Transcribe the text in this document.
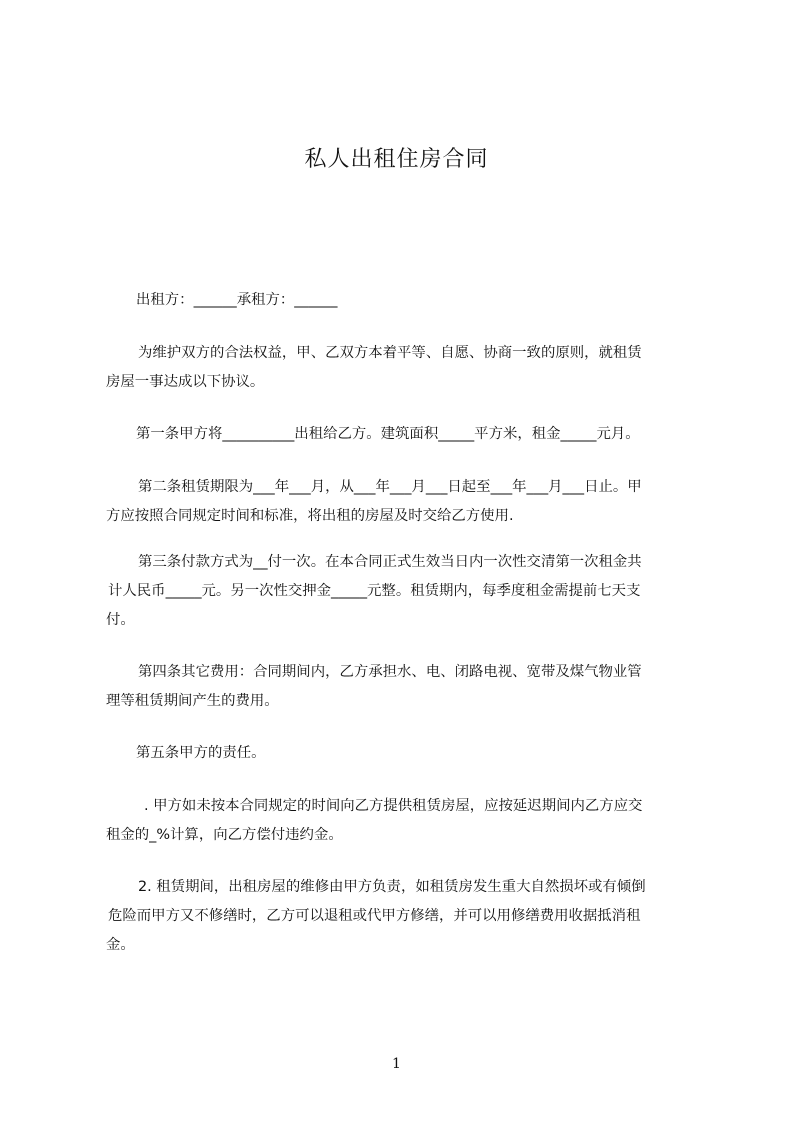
私人出租住房合同
出租方：______承租方：______
为维护双方的合法权益，甲、乙双方本着平等、自愿、协商一致的原则，就租赁
房屋一事达成以下协议。
第一条甲方将__________出租给乙方。建筑面积_____平方米，租金_____元月。
第二条租赁期限为___年___月，从___年___月___日起至___年___月___日止。甲
方应按照合同规定时间和标准，将出租的房屋及时交给乙方使用.
第三条付款方式为__付一次。在本合同正式生效当日内一次性交清第一次租金共
计人民币_____元。另一次性交押金_____元整。租赁期内，每季度租金需提前七天支
付。
第四条其它费用：合同期间内，乙方承担水、电、闭路电视、宽带及煤气物业管
理等租赁期间产生的费用。
第五条甲方的责任。
. 甲方如未按本合同规定的时间向乙方提供租赁房屋，应按延迟期间内乙方应交
租金的_%计算，向乙方偿付违约金。
2. 租赁期间，出租房屋的维修由甲方负责，如租赁房发生重大自然损坏或有倾倒
危险而甲方又不修缮时，乙方可以退租或代甲方修缮，并可以用修缮费用收据抵消租
金。
1
